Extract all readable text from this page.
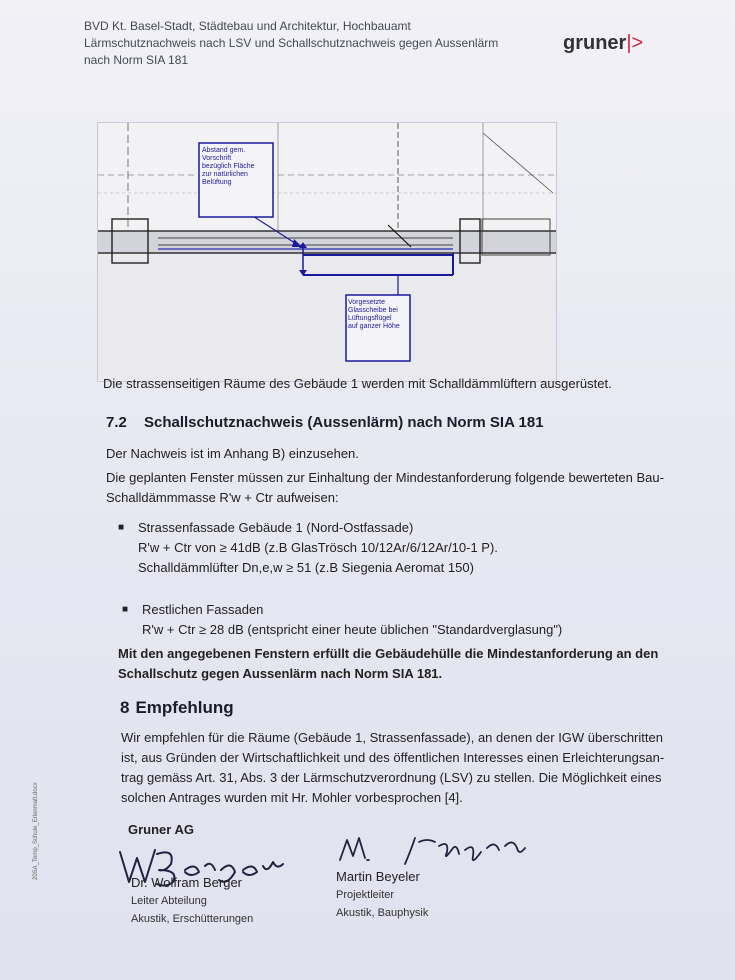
BVD Kt. Basel-Stadt, Städtebau und Architektur, Hochbauamt
Lärmschutznachweis nach LSV und Schallschutznachweis gegen Aussenlärm
nach Norm SIA 181
gruner|>
Abstand gem. Vorschrift bezüglich Fläche zur natürlichen Belüftung
Vorgesetzte Glasscheibe bei Lüftungsflügel auf ganzer Höhe
Die strassenseitigen Räume des Gebäude 1 werden mit Schalldämmlüftern ausgerüstet.
7.2 Schallschutznachweis (Aussenlärm) nach Norm SIA 181
Der Nachweis ist im Anhang B) einzusehen.
Die geplanten Fenster müssen zur Einhaltung der Mindestanforderung folgende bewerteten Bau-
Schalldämmmasse R'w + Ctr aufweisen:
■ Strassenfassade Gebäude 1 (Nord-Ostfassade)
R'w + Ctr von ≥ 41dB (z.B GlasTrösch 10/12Ar/6/12Ar/10-1 P).
Schalldämmlüfter Dn,e,w ≥ 51 (z.B Siegenia Aeromat 150)
■ Restlichen Fassaden
R'w + Ctr ≥ 28 dB (entspricht einer heute üblichen "Standardverglasung")
Mit den angegebenen Fenstern erfüllt die Gebäudehülle die Mindestanforderung an den
Schallschutz gegen Aussenlärm nach Norm SIA 181.
8 Empfehlung
Wir empfehlen für die Räume (Gebäude 1, Strassenfassade), an denen der IGW überschritten
ist, aus Gründen der Wirtschaftlichkeit und des öffentlichen Interesses einen Erleichterungsan-
trag gemäss Art. 31, Abs. 3 der Lärmschutzverordnung (LSV) zu stellen. Die Möglichkeit eines
solchen Antrages wurden mit Hr. Mohler vorbesprochen [4].
Gruner AG
Dr. Wolfram Berger
Leiter Abteilung
Akustik, Erschütterungen
Martin Beyeler
Projektleiter
Akustik, Bauphysik
20SA_Temp_Schule_Erlenmatt.docx
